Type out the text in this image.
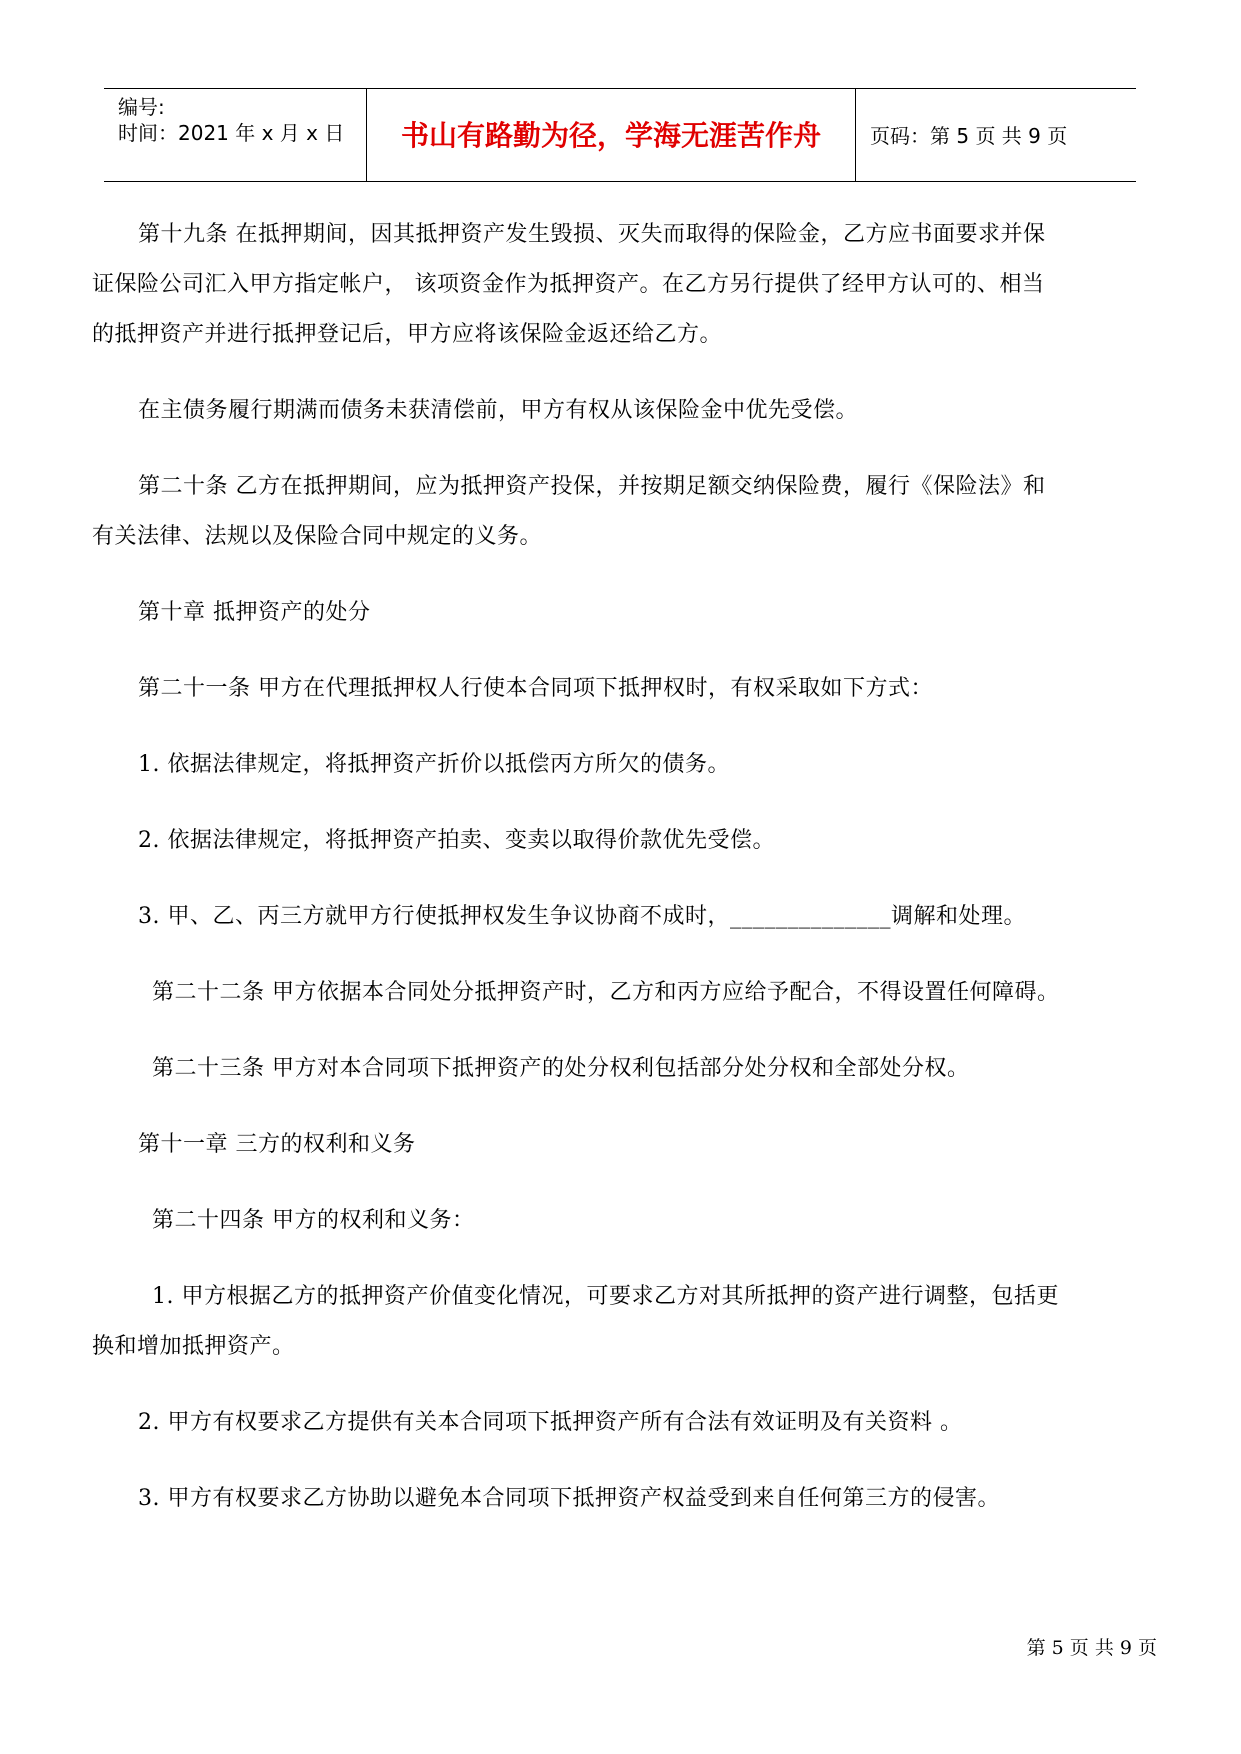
编号:
时间：2021 年 x 月 x 日	书山有路勤为径，学海无涯苦作舟	页码：第 5 页 共 9 页
第十九条 在抵押期间，因其抵押资产发生毁损、灭失而取得的保险金，乙方应书面要求并保
证保险公司汇入甲方指定帐户， 该项资金作为抵押资产。在乙方另行提供了经甲方认可的、相当
的抵押资产并进行抵押登记后，甲方应将该保险金返还给乙方。
在主债务履行期满而债务未获清偿前，甲方有权从该保险金中优先受偿。
第二十条 乙方在抵押期间，应为抵押资产投保，并按期足额交纳保险费，履行《保险法》和
有关法律、法规以及保险合同中规定的义务。
第十章 抵押资产的处分
第二十一条 甲方在代理抵押权人行使本合同项下抵押权时，有权采取如下方式：
1. 依据法律规定，将抵押资产折价以抵偿丙方所欠的债务。
2. 依据法律规定，将抵押资产拍卖、变卖以取得价款优先受偿。
3. 甲、乙、丙三方就甲方行使抵押权发生争议协商不成时，______________调解和处理。
第二十二条 甲方依据本合同处分抵押资产时，乙方和丙方应给予配合，不得设置任何障碍。
第二十三条 甲方对本合同项下抵押资产的处分权利包括部分处分权和全部处分权。
第十一章 三方的权利和义务
第二十四条 甲方的权利和义务：
1. 甲方根据乙方的抵押资产价值变化情况，可要求乙方对其所抵押的资产进行调整，包括更
换和增加抵押资产。
2. 甲方有权要求乙方提供有关本合同项下抵押资产所有合法有效证明及有关资料 。
3. 甲方有权要求乙方协助以避免本合同项下抵押资产权益受到来自任何第三方的侵害。
第 5 页 共 9 页
